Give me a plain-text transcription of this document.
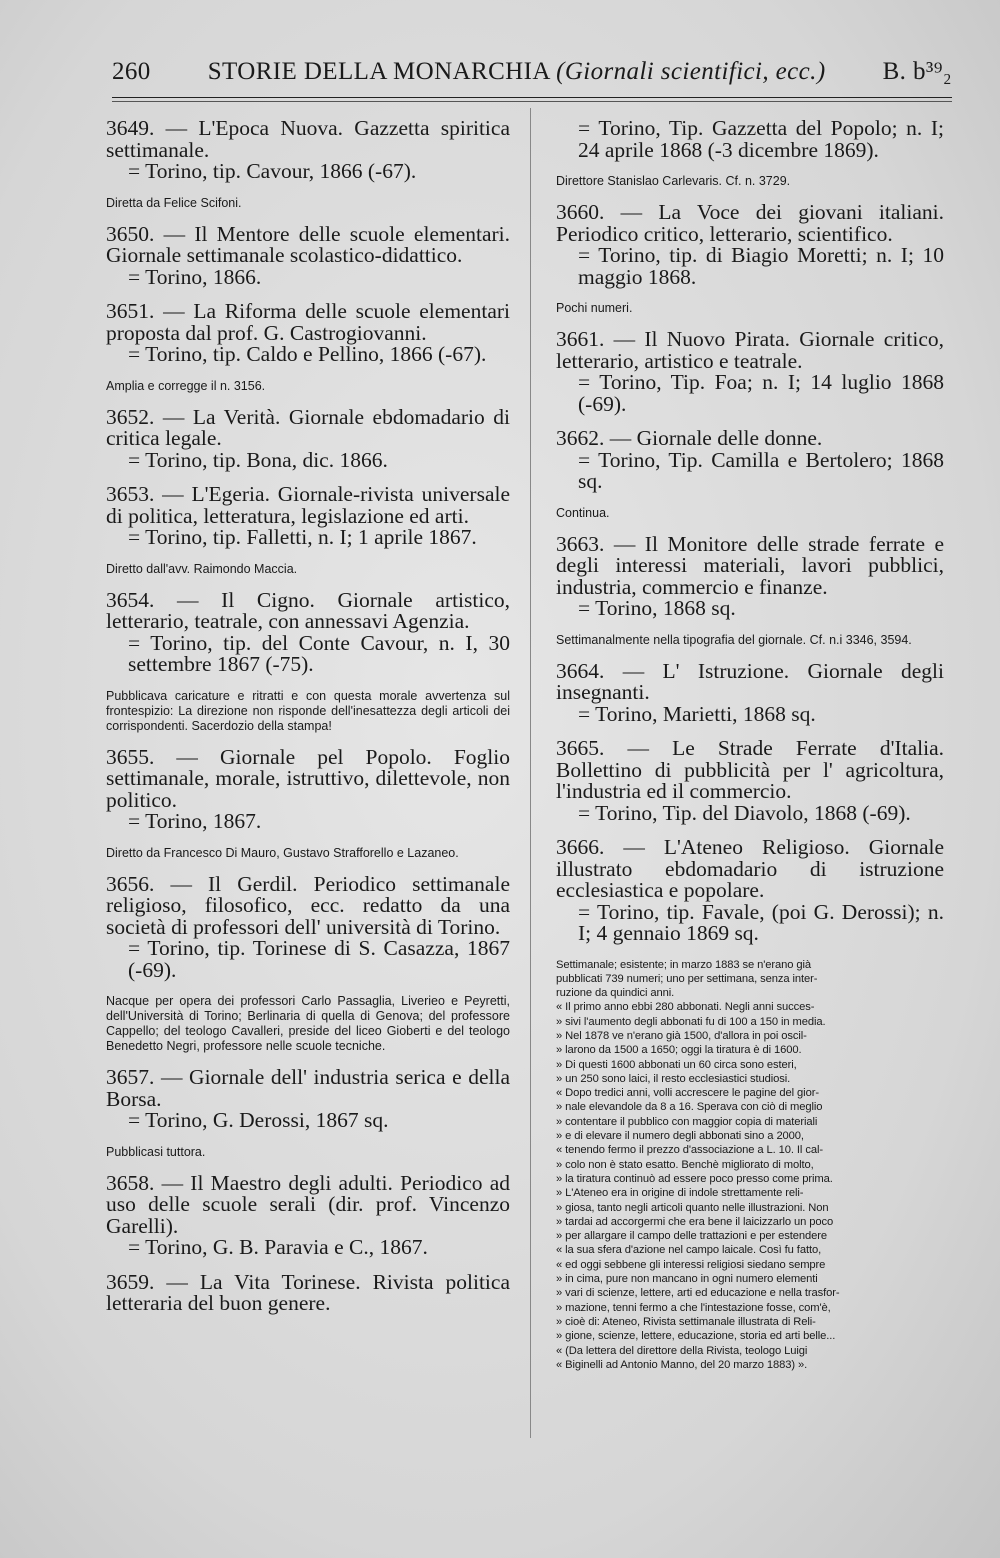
260 STORIE DELLA MONARCHIA (Giornali scientifici, ecc.) B. b³⁹₂
3649. — L'Epoca Nuova. Gazzetta spiritica settimanale.
= Torino, tip. Cavour, 1866 (-67).
Diretta da Felice Scifoni.
3650. — Il Mentore delle scuole elementari. Giornale settimanale scolastico-didattico.
= Torino, 1866.
3651. — La Riforma delle scuole elementari proposta dal prof. G. Castrogiovanni.
= Torino, tip. Caldo e Pellino, 1866 (-67).
Amplia e corregge il n. 3156.
3652. — La Verità. Giornale ebdomadario di critica legale.
= Torino, tip. Bona, dic. 1866.
3653. — L'Egeria. Giornale-rivista universale di politica, letteratura, legislazione ed arti.
= Torino, tip. Falletti, n. I; 1 aprile 1867.
Diretto dall'avv. Raimondo Maccia.
3654. — Il Cigno. Giornale artistico, letterario, teatrale, con annessavi Agenzia.
= Torino, tip. del Conte Cavour, n. I, 30 settembre 1867 (-75).
Pubblicava caricature e ritratti e con questa morale avvertenza sul frontespizio: La direzione non risponde dell'inesattezza degli articoli dei corrispondenti. Sacerdozio della stampa!
3655. — Giornale pel Popolo. Foglio settimanale, morale, istruttivo, dilettevole, non politico.
= Torino, 1867.
Diretto da Francesco Di Mauro, Gustavo Strafforello e Lazaneo.
3656. — Il Gerdil. Periodico settimanale religioso, filosofico, ecc. redatto da una società di professori dell' università di Torino.
= Torino, tip. Torinese di S. Casazza, 1867 (-69).
Nacque per opera dei professori Carlo Passaglia, Liverieo e Peyretti, dell'Università di Torino; Berlinaria di quella di Genova; del professore Cappello; del teologo Cavalleri, preside del liceo Gioberti e del teologo Benedetto Negri, professore nelle scuole tecniche.
3657. — Giornale dell' industria serica e della Borsa.
= Torino, G. Derossi, 1867 sq.
Pubblicasi tuttora.
3658. — Il Maestro degli adulti. Periodico ad uso delle scuole serali (dir. prof. Vincenzo Garelli).
= Torino, G. B. Paravia e C., 1867.
3659. — La Vita Torinese. Rivista politica letteraria del buon genere.
= Torino, Tip. Gazzetta del Popolo; n. I; 24 aprile 1868 (-3 dicembre 1869).
Direttore Stanislao Carlevaris. Cf. n. 3729.
3660. — La Voce dei giovani italiani. Periodico critico, letterario, scientifico.
= Torino, tip. di Biagio Moretti; n. I; 10 maggio 1868.
Pochi numeri.
3661. — Il Nuovo Pirata. Giornale critico, letterario, artistico e teatrale.
= Torino, Tip. Foa; n. I; 14 luglio 1868 (-69).
3662. — Giornale delle donne.
= Torino, Tip. Camilla e Bertolero; 1868 sq.
Continua.
3663. — Il Monitore delle strade ferrate e degli interessi materiali, lavori pubblici, industria, commercio e finanze.
= Torino, 1868 sq.
Settimanalmente nella tipografia del giornale. Cf. n.i 3346, 3594.
3664. — L' Istruzione. Giornale degli insegnanti.
= Torino, Marietti, 1868 sq.
3665. — Le Strade Ferrate d'Italia. Bollettino di pubblicità per l' agricoltura, l'industria ed il commercio.
= Torino, Tip. del Diavolo, 1868 (-69).
3666. — L'Ateneo Religioso. Giornale illustrato ebdomadario di istruzione ecclesiastica e popolare.
= Torino, tip. Favale, (poi G. Derossi); n. I; 4 gennaio 1869 sq.
Settimanale; esistente; in marzo 1883 se n'erano già
pubblicati 739 numeri; uno per settimana, senza inter-
ruzione da quindici anni.
« Il primo anno ebbi 280 abbonati. Negli anni succes-
» sivi l'aumento degli abbonati fu di 100 a 150 in media.
» Nel 1878 ve n'erano già 1500, d'allora in poi oscil-
» larono da 1500 a 1650; oggi la tiratura è di 1600.
» Di questi 1600 abbonati un 60 circa sono esteri,
» un 250 sono laici, il resto ecclesiastici studiosi.
« Dopo tredici anni, volli accrescere le pagine del gior-
» nale elevandole da 8 a 16. Sperava con ciò di meglio
» contentare il pubblico con maggior copia di materiali
» e di elevare il numero degli abbonati sino a 2000,
« tenendo fermo il prezzo d'associazione a L. 10. Il cal-
» colo non è stato esatto. Benchè migliorato di molto,
» la tiratura continuò ad essere poco presso come prima.
» L'Ateneo era in origine di indole strettamente reli-
» giosa, tanto negli articoli quanto nelle illustrazioni. Non
» tardai ad accorgermi che era bene il laicizzarlo un poco
» per allargare il campo delle trattazioni e per estendere
« la sua sfera d'azione nel campo laicale. Così fu fatto,
« ed oggi sebbene gli interessi religiosi siedano sempre
» in cima, pure non mancano in ogni numero elementi
» vari di scienze, lettere, arti ed educazione e nella trasfor-
» mazione, tenni fermo a che l'intestazione fosse, com'è,
» cioè di: Ateneo, Rivista settimanale illustrata di Reli-
» gione, scienze, lettere, educazione, storia ed arti belle...
« (Da lettera del direttore della Rivista, teologo Luigi
« Biginelli ad Antonio Manno, del 20 marzo 1883) ».
